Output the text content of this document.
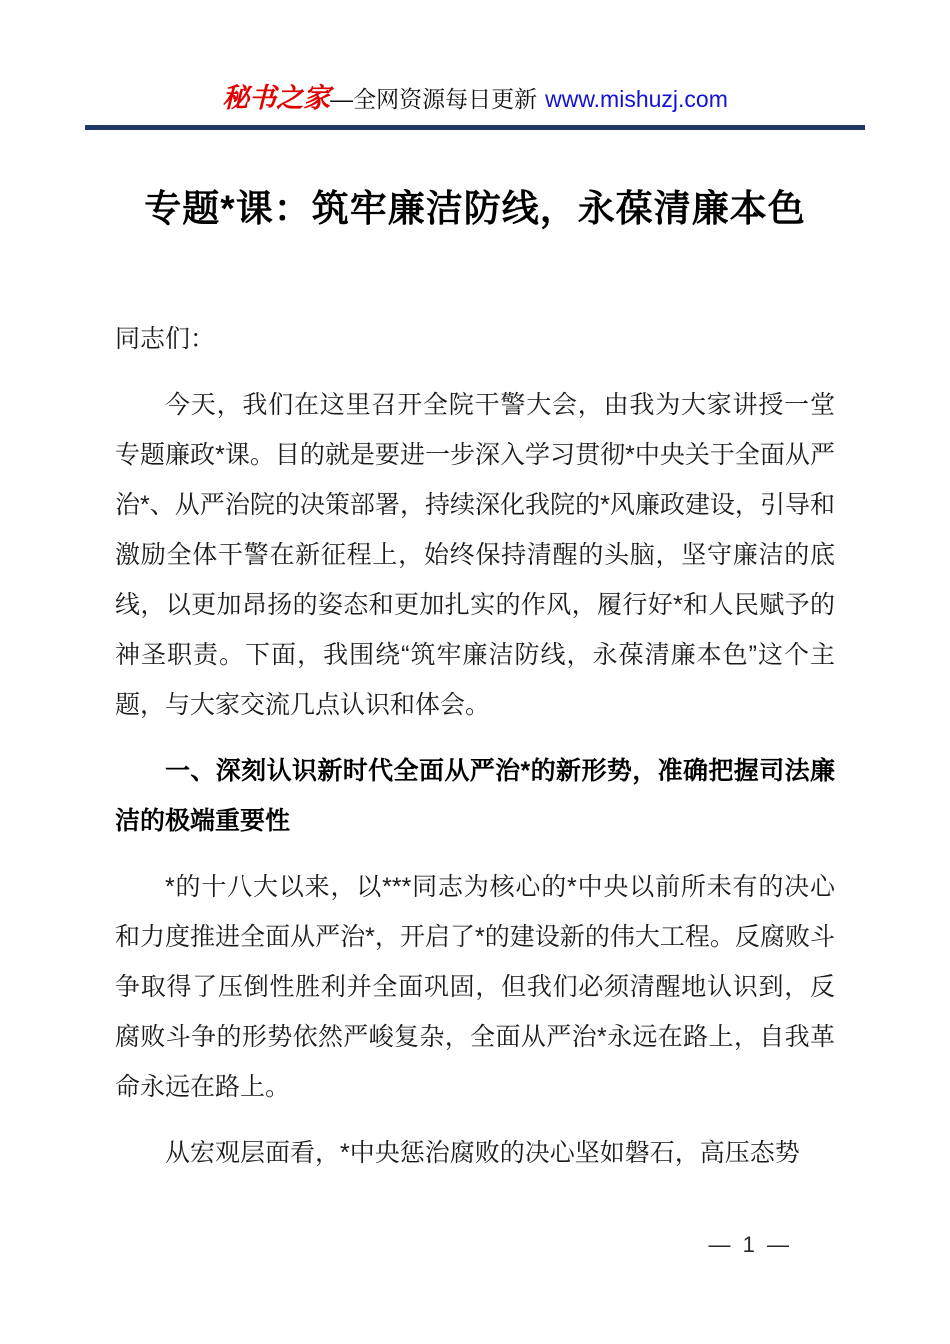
秘书之家—全网资源每日更新 www.mishuzj.com
专题*课：筑牢廉洁防线，永葆清廉本色

同志们：

今天，我们在这里召开全院干警大会，由我为大家讲授一堂专题廉政*课。目的就是要进一步深入学习贯彻*中央关于全面从严治*、从严治院的决策部署，持续深化我院的*风廉政建设，引导和激励全体干警在新征程上，始终保持清醒的头脑，坚守廉洁的底线，以更加昂扬的姿态和更加扎实的作风，履行好*和人民赋予的神圣职责。下面，我围绕“筑牢廉洁防线，永葆清廉本色”这个主题，与大家交流几点认识和体会。

一、深刻认识新时代全面从严治*的新形势，准确把握司法廉洁的极端重要性

*的十八大以来，以***同志为核心的*中央以前所未有的决心和力度推进全面从严治*，开启了*的建设新的伟大工程。反腐败斗争取得了压倒性胜利并全面巩固，但我们必须清醒地认识到，反腐败斗争的形势依然严峻复杂，全面从严治*永远在路上，自我革命永远在路上。

从宏观层面看，*中央惩治腐败的决心坚如磐石，高压态势

— 1 —
